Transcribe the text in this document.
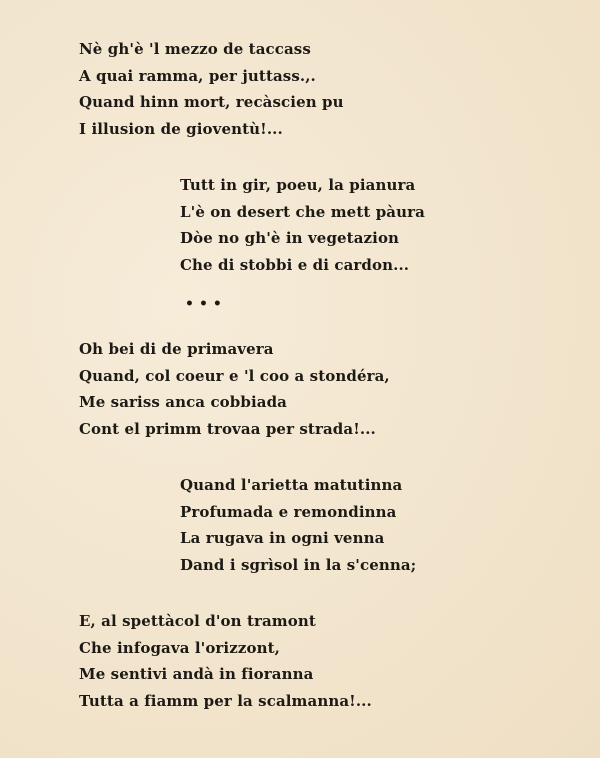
Nè gh'è 'l mezzo de taccass
A quai ramma, per juttass.,.
Quand hinn mort, recàscien pu
I illusion de gioventù!...
Tutt in gir, poeu, la pianura
L'è on desert che mett pàura
Dòe no gh'è in vegetazion
Che di stobbi e di cardon...
•••
Oh bei di de primavera
Quand, col coeur e 'l coo a stondéra,
Me sariss anca cobbiada
Cont el primm trovaa per strada!...
Quand l'arietta matutinna
Profumada e remondinna
La rugava in ogni venna
Dand i sgrìsol in la s'cenna;
E, al spettàcol d'on tramont
Che infogava l'orizzont,
Me sentivi andà in fioranna
Tutta a fiamm per la scalmanna!...
